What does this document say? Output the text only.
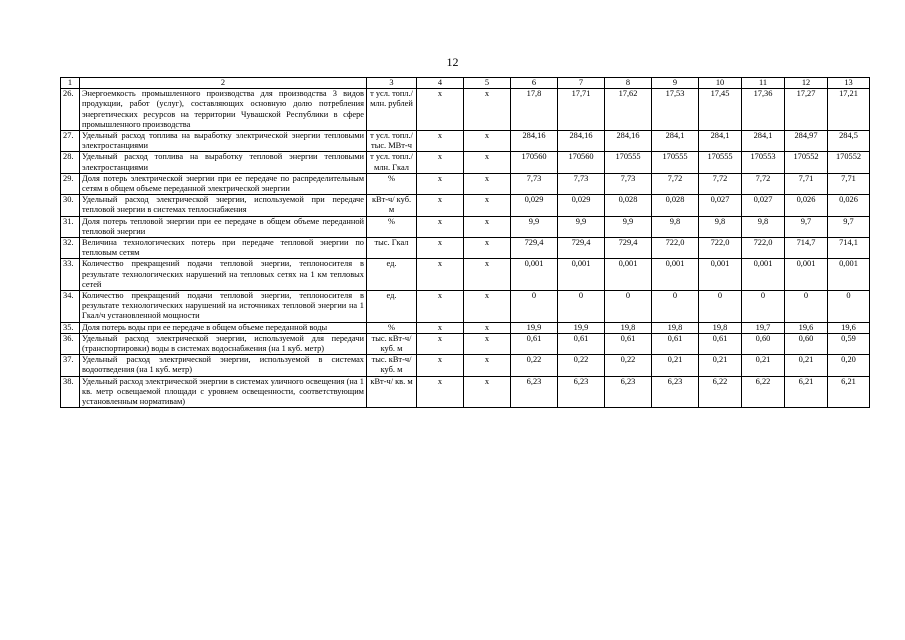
12
1	2	3	4	5	6	7	8	9	10	11	12	13
26.	Энергоемкость промышленного производства для производства 3 видов продукции, работ (услуг), составляющих основную долю потребления энергетических ресурсов на территории Чувашской Республики в сфере промышленного производства	т усл. топл./ млн. рублей	х	х	17,8	17,71	17,62	17,53	17,45	17,36	17,27	17,21
27.	Удельный расход топлива на выработку электрической энергии тепловыми электростанциями	т усл. топл./ тыс. МВт-ч	х	х	284,16	284,16	284,16	284,1	284,1	284,1	284,97	284,5
28.	Удельный расход топлива на выработку тепловой энергии тепловыми электростанциями	т усл. топл./ млн. Гкал	х	х	170560	170560	170555	170555	170555	170553	170552	170552
29.	Доля потерь электрической энергии при ее передаче по распределительным сетям в общем объеме переданной электрической энергии	%	х	х	7,73	7,73	7,73	7,72	7,72	7,72	7,71	7,71
30.	Удельный расход электрической энергии, используемой при передаче тепловой энергии в системах теплоснабжения	кВт-ч/ куб. м	х	х	0,029	0,029	0,028	0,028	0,027	0,027	0,026	0,026
31.	Доля потерь тепловой энергии при ее передаче в общем объеме переданной тепловой энергии	%	х	х	9,9	9,9	9,9	9,8	9,8	9,8	9,7	9,7
32.	Величина технологических потерь при передаче тепловой энергии по тепловым сетям	тыс. Гкал	х	х	729,4	729,4	729,4	722,0	722,0	722,0	714,7	714,1
33.	Количество прекращений подачи тепловой энергии, теплоносителя в результате технологических нарушений на тепловых сетях на 1 км тепловых сетей	ед.	х	х	0,001	0,001	0,001	0,001	0,001	0,001	0,001	0,001
34.	Количество прекращений подачи тепловой энергии, теплоносителя в результате технологических нарушений на источниках тепловой энергии на 1 Гкал/ч установленной мощности	ед.	х	х	0	0	0	0	0	0	0	0
35.	Доля потерь воды при ее передаче в общем объеме переданной воды	%	х	х	19,9	19,9	19,8	19,8	19,8	19,7	19,6	19,6
36.	Удельный расход электрической энергии, используемой для передачи (транспортировки) воды в системах водоснабжения (на 1 куб. метр)	тыс. кВт-ч/ куб. м	х	х	0,61	0,61	0,61	0,61	0,61	0,60	0,60	0,59
37.	Удельный расход электрической энергии, используемой в системах водоотведения (на 1 куб. метр)	тыс. кВт-ч/ куб. м	х	х	0,22	0,22	0,22	0,21	0,21	0,21	0,21	0,20
38.	Удельный расход электрической энергии в системах уличного освещения (на 1 кв. метр освещаемой площади с уровнем освещенности, соответствующим установленным нормативам)	кВт-ч/ кв. м	х	х	6,23	6,23	6,23	6,23	6,22	6,22	6,21	6,21
